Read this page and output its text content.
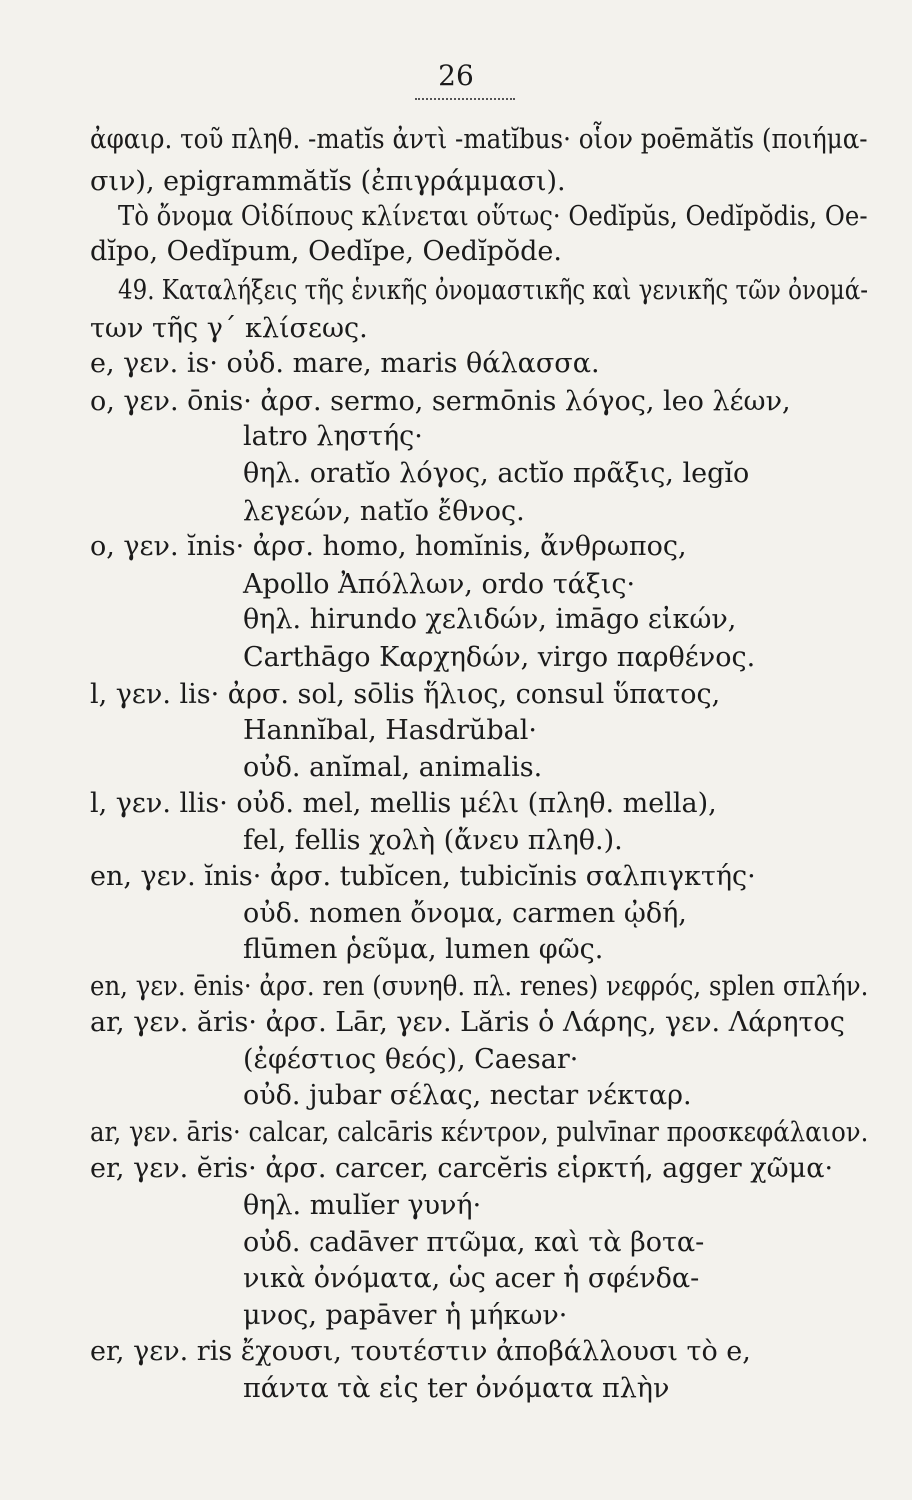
26
ἀφαιρ. τοῦ πληθ. -matĭs ἀντὶ -matĭbus· οἷον poēmătĭs (ποιήμα-
σιν), epigrammătĭs (ἐπιγράμμασι).
Τὸ ὄνομα Οἰδίπους κλίνεται οὕτως· Oedĭpŭs, Oedĭpŏdis, Oe-
dĭpo, Oedĭpum, Oedĭpe, Oedĭpŏde.
49. Καταλήξεις τῆς ἑνικῆς ὀνομαστικῆς καὶ γενικῆς τῶν ὀνομά-
των τῆς γ΄ κλίσεως.
e, γεν. is· οὐδ. mare, maris θάλασσα.
o, γεν. ōnis· ἀρσ. sermo, sermōnis λόγος, leo λέων,
latro ληστής·
θηλ. oratĭo λόγος, actĭo πρᾶξις, legĭo
λεγεών, natĭo ἔθνος.
o, γεν. ĭnis· ἀρσ. homo, homĭnis, ἄνθρωπος,
Apollo Ἀπόλλων, ordo τάξις·
θηλ. hirundo χελιδών, imāgo εἰκών,
Carthāgo Καρχηδών, virgo παρθένος.
l, γεν. lis· ἀρσ. sol, sōlis ἥλιος, consul ὕπατος,
Hannĭbal, Hasdrŭbal·
οὐδ. anĭmal, animalis.
l, γεν. llis· οὐδ. mel, mellis μέλι (πληθ. mella),
fel, fellis χολὴ (ἄνευ πληθ.).
en, γεν. ĭnis· ἀρσ. tubĭcen, tubicĭnis σαλπιγκτής·
οὐδ. nomen ὄνομα, carmen ᾠδή,
flūmen ῥεῦμα, lumen φῶς.
en, γεν. ēnis· ἀρσ. ren (συνηθ. πλ. renes) νεφρός, splen σπλήν.
ar, γεν. ăris· ἀρσ. Lār, γεν. Lăris ὁ Λάρης, γεν. Λάρητος
(ἐφέστιος θεός), Caesar·
οὐδ. jubar σέλας, nectar νέκταρ.
ar, γεν. āris· calcar, calcāris κέντρον, pulvīnar προσκεφάλαιον.
er, γεν. ĕris· ἀρσ. carcer, carcĕris εἱρκτή, agger χῶμα·
θηλ. mulĭer γυνή·
οὐδ. cadāver πτῶμα, καὶ τὰ βοτα-
νικὰ ὀνόματα, ὡς acer ἡ σφένδα-
μνος, papāver ἡ μήκων·
er, γεν. ris ἔχουσι, τουτέστιν ἀποβάλλουσι τὸ e,
πάντα τὰ εἰς ter ὀνόματα πλὴν
